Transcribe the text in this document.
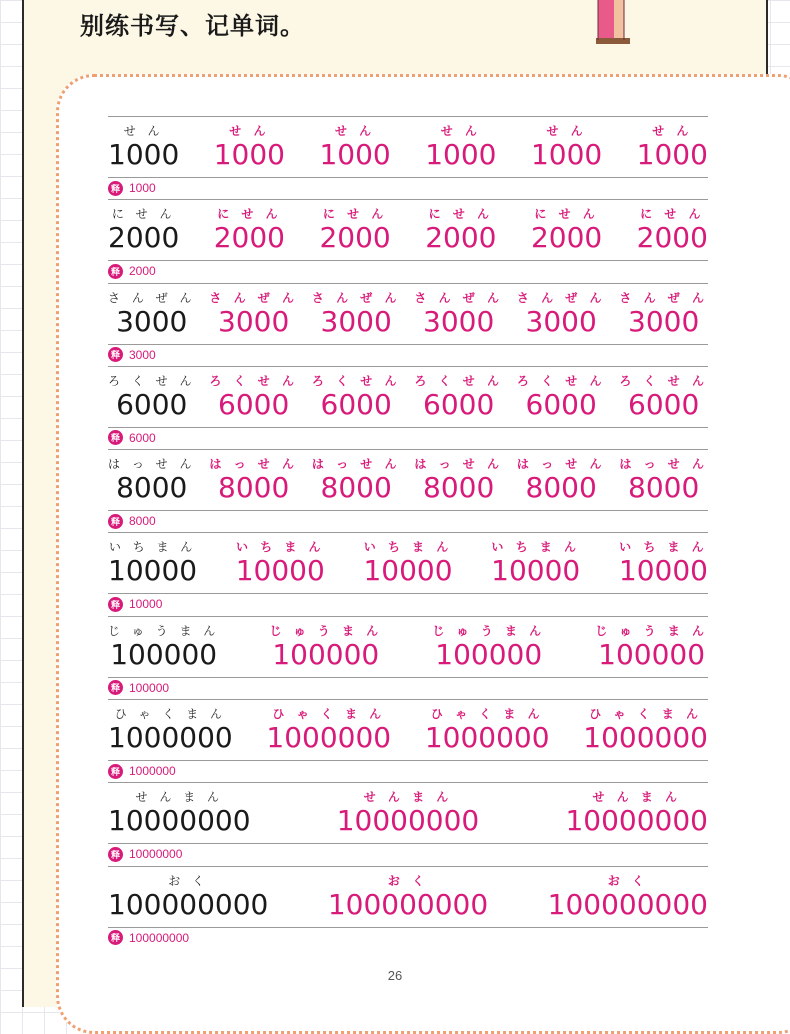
别练书写、记单词。
せ ん
1000
せ ん
1000
せ ん
1000
せ ん
1000
せ ん
1000
せ ん
1000
释 1000
に せ ん
2000
に せ ん
2000
に せ ん
2000
に せ ん
2000
に せ ん
2000
に せ ん
2000
释 2000
さ ん ぜ ん
3000
さ ん ぜ ん
3000
さ ん ぜ ん
3000
さ ん ぜ ん
3000
さ ん ぜ ん
3000
さ ん ぜ ん
3000
释 3000
ろ く せ ん
6000
ろ く せ ん
6000
ろ く せ ん
6000
ろ く せ ん
6000
ろ く せ ん
6000
ろ く せ ん
6000
释 6000
は っ せ ん
8000
は っ せ ん
8000
は っ せ ん
8000
は っ せ ん
8000
は っ せ ん
8000
は っ せ ん
8000
释 8000
い ち ま ん
10000
い ち ま ん
10000
い ち ま ん
10000
い ち ま ん
10000
い ち ま ん
10000
释 10000
じ ゅ う ま ん
100000
じ ゅ う ま ん
100000
じ ゅ う ま ん
100000
じ ゅ う ま ん
100000
释 100000
ひ ゃ く ま ん
1000000
ひ ゃ く ま ん
1000000
ひ ゃ く ま ん
1000000
ひ ゃ く ま ん
1000000
释 1000000
せ ん ま ん
10000000
せ ん ま ん
10000000
せ ん ま ん
10000000
释 10000000
お く
100000000
お く
100000000
お く
100000000
释 100000000
26
